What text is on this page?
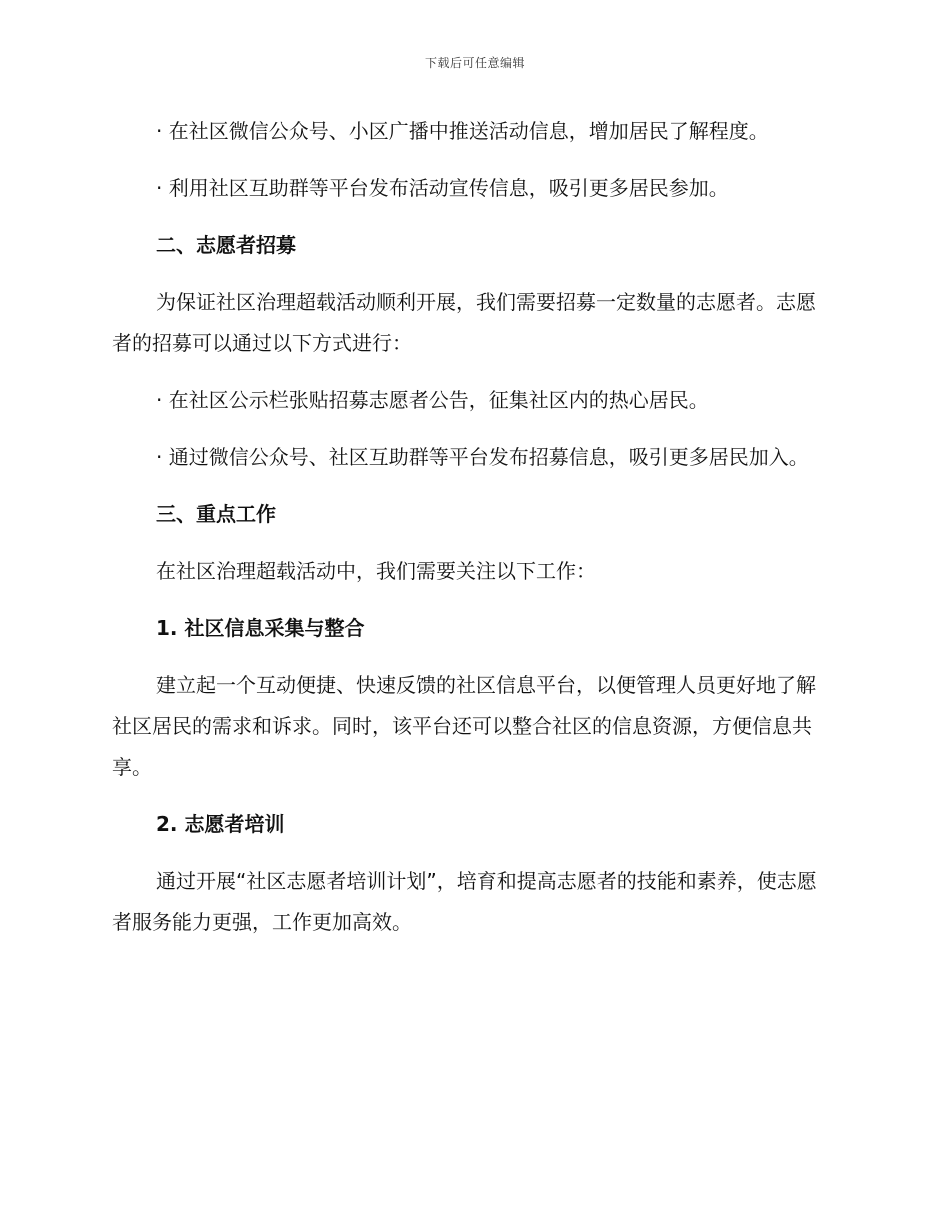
下载后可任意编辑

· 在社区微信公众号、小区广播中推送活动信息，增加居民了解程度。

· 利用社区互助群等平台发布活动宣传信息，吸引更多居民参加。

二、志愿者招募

为保证社区治理超载活动顺利开展，我们需要招募一定数量的志愿者。志愿者的招募可以通过以下方式进行：

· 在社区公示栏张贴招募志愿者公告，征集社区内的热心居民。

· 通过微信公众号、社区互助群等平台发布招募信息，吸引更多居民加入。

三、重点工作

在社区治理超载活动中，我们需要关注以下工作：

1. 社区信息采集与整合

建立起一个互动便捷、快速反馈的社区信息平台，以便管理人员更好地了解社区居民的需求和诉求。同时，该平台还可以整合社区的信息资源，方便信息共享。

2. 志愿者培训

通过开展“社区志愿者培训计划”，培育和提高志愿者的技能和素养，使志愿者服务能力更强，工作更加高效。
